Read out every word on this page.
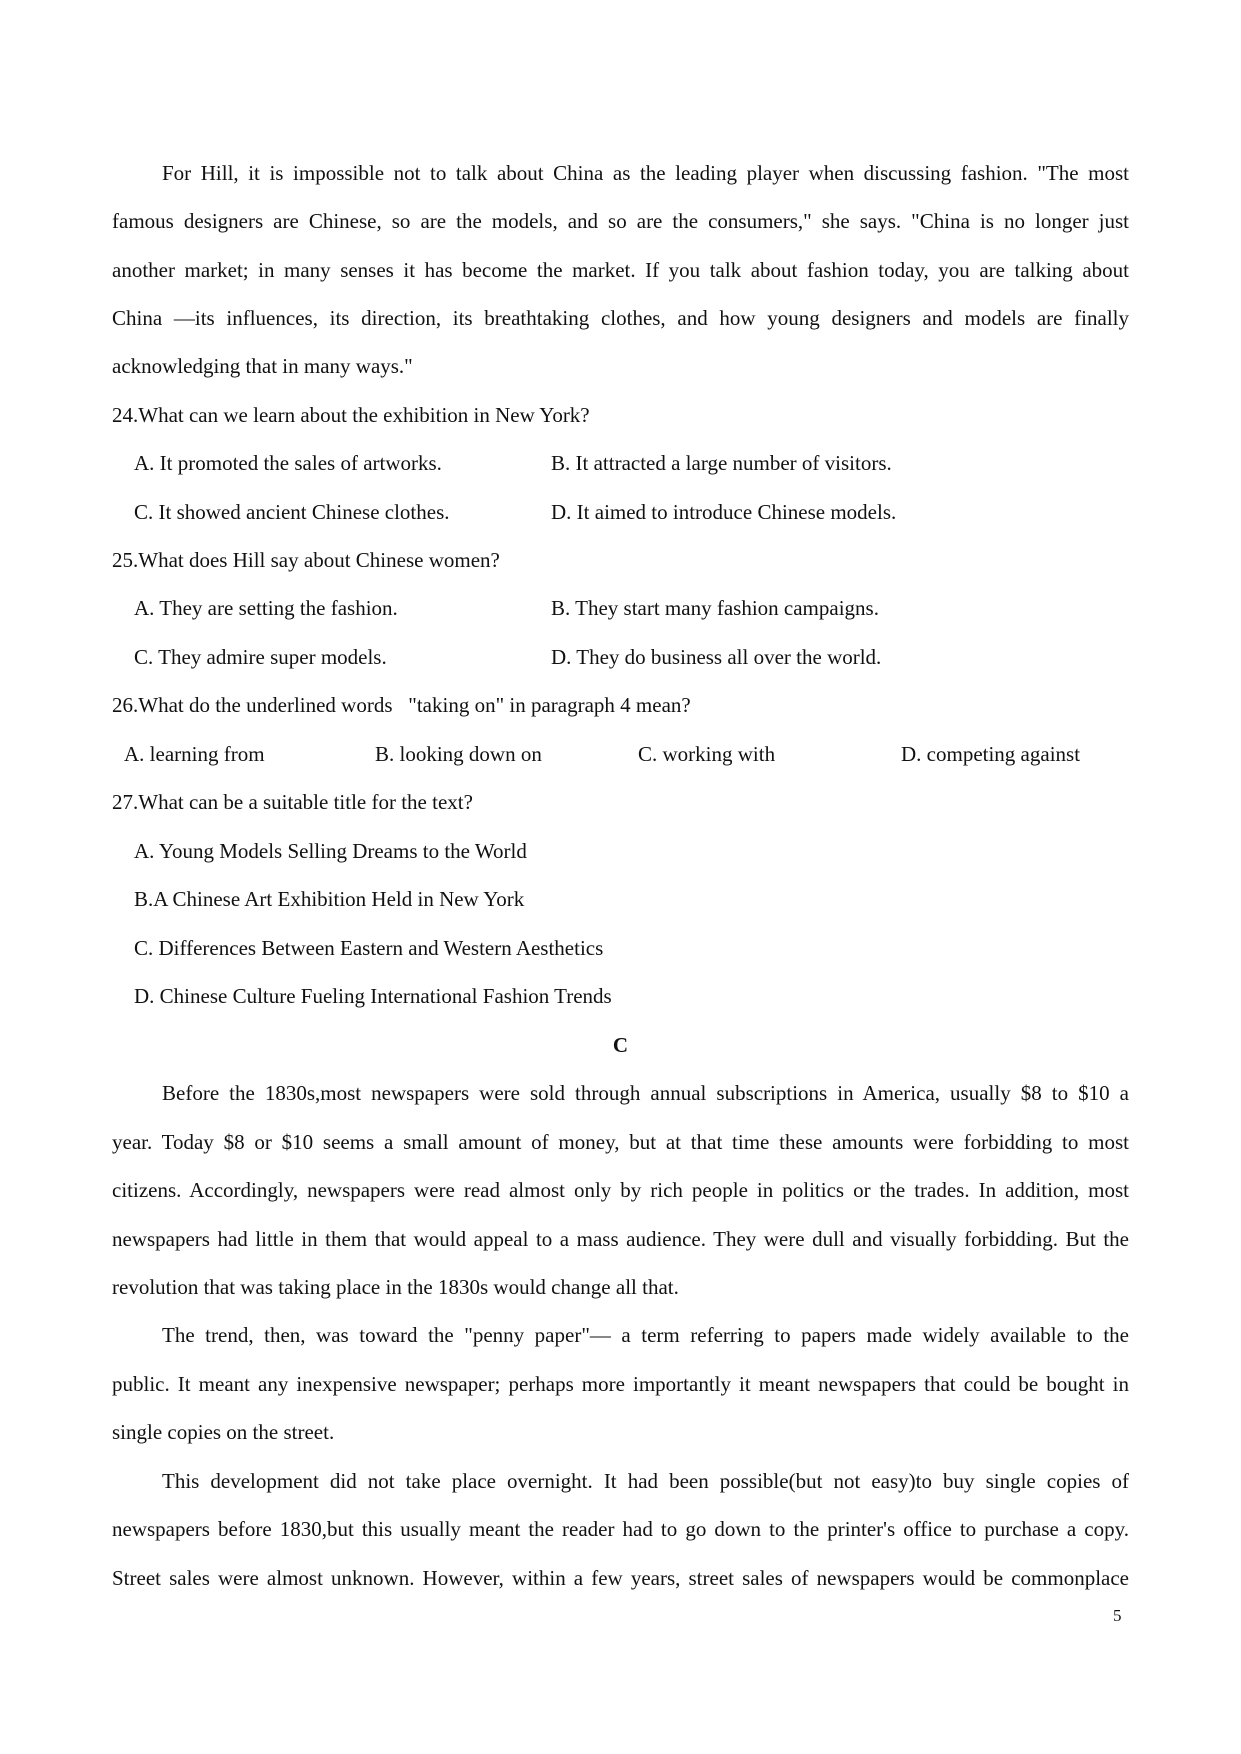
For Hill, it is impossible not to talk about China as the leading player when discussing fashion. "The most
famous designers are Chinese, so are the models, and so are the consumers," she says. "China is no longer just
another market; in many senses it has become the market. If you talk about fashion today, you are talking about
China —its influences, its direction, its breathtaking clothes, and how young designers and models are finally
acknowledging that in many ways."
24.What can we learn about the exhibition in New York?
A. It promoted the sales of artworks.	B. It attracted a large number of visitors.
C. It showed ancient Chinese clothes.	D. It aimed to introduce Chinese models.
25.What does Hill say about Chinese women?
A. They are setting the fashion.	B. They start many fashion campaigns.
C. They admire super models.	D. They do business all over the world.
26.What do the underlined words   "taking on" in paragraph 4 mean?
A. learning from	B. looking down on	C. working with	D. competing against
27.What can be a suitable title for the text?
A. Young Models Selling Dreams to the World
B.A Chinese Art Exhibition Held in New York
C. Differences Between Eastern and Western Aesthetics
D. Chinese Culture Fueling International Fashion Trends
C
Before the 1830s,most newspapers were sold through annual subscriptions in America, usually $8 to $10 a
year. Today $8 or $10 seems a small amount of money, but at that time these amounts were forbidding to most
citizens. Accordingly, newspapers were read almost only by rich people in politics or the trades. In addition, most
newspapers had little in them that would appeal to a mass audience. They were dull and visually forbidding. But the
revolution that was taking place in the 1830s would change all that.
The trend, then, was toward the "penny paper"— a term referring to papers made widely available to the
public. It meant any inexpensive newspaper; perhaps more importantly it meant newspapers that could be bought in
single copies on the street.
This development did not take place overnight. It had been possible(but not easy)to buy single copies of
newspapers before 1830,but this usually meant the reader had to go down to the printer's office to purchase a copy.
Street sales were almost unknown. However, within a few years, street sales of newspapers would be commonplace
5
